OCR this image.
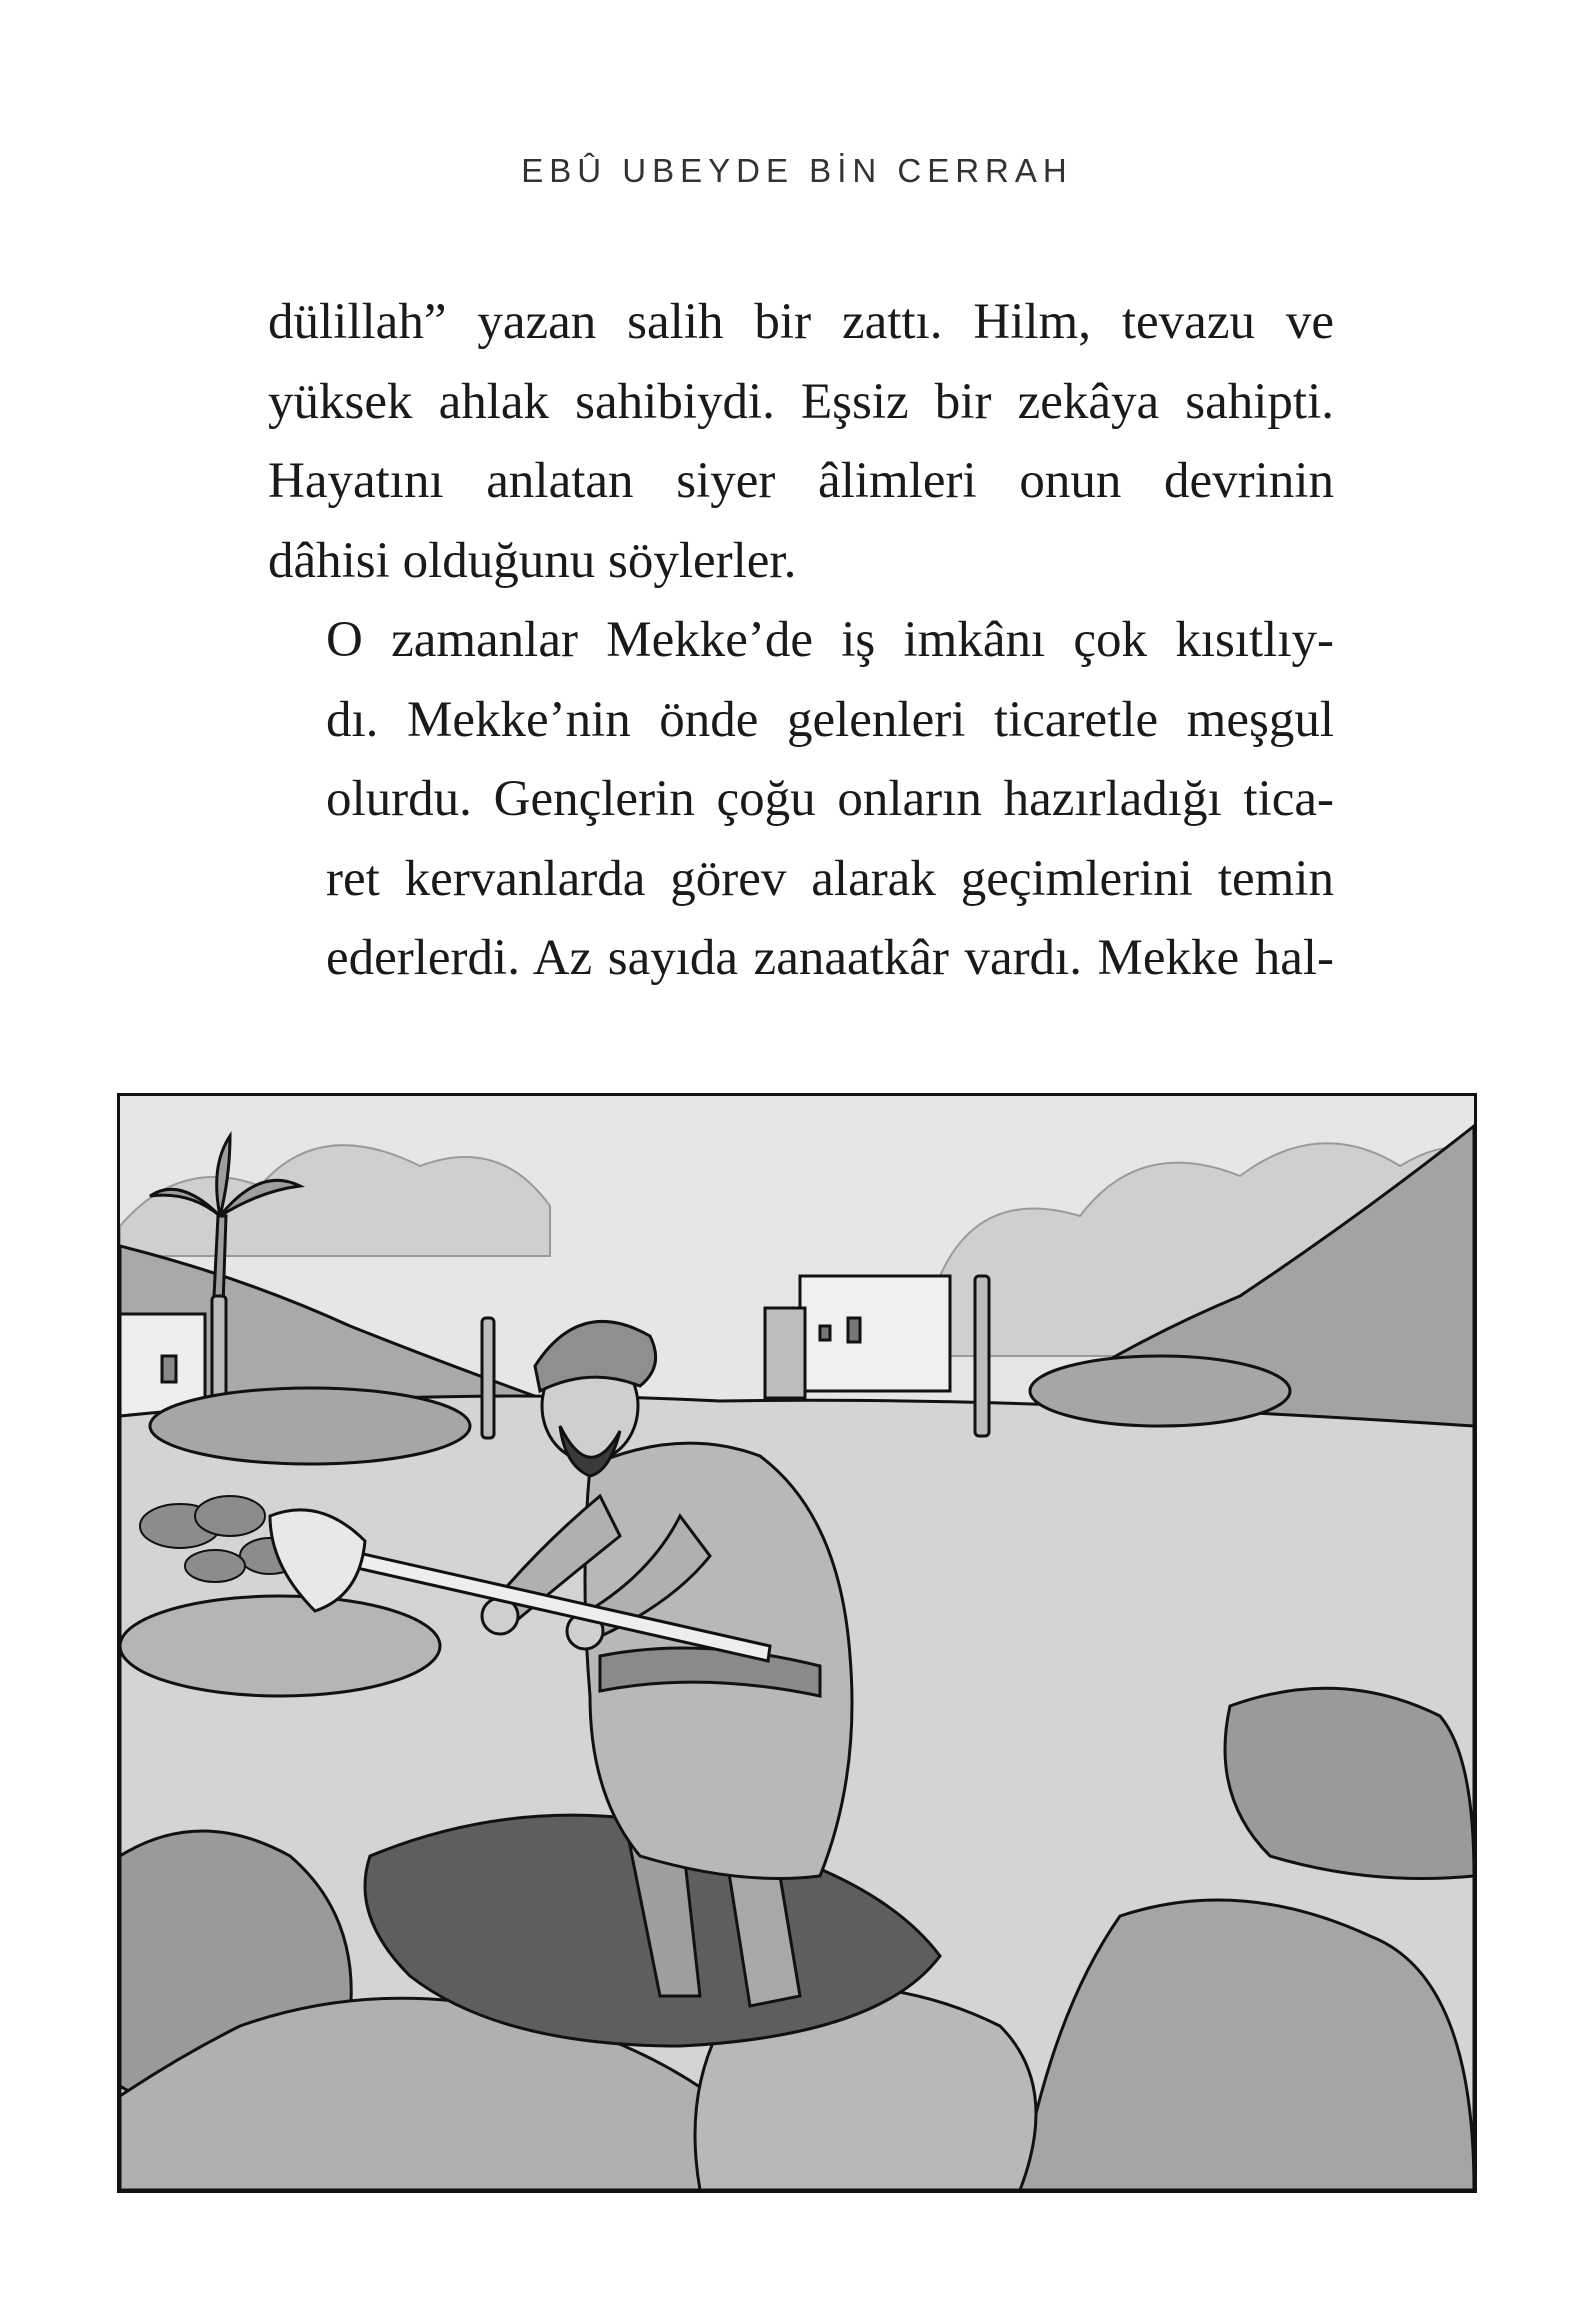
EBÛ UBEYDE BİN CERRAH

dülillah” yazan salih bir zattı. Hilm, tevazu ve
yüksek ahlak sahibiydi. Eşsiz bir zekâya sahipti.
Hayatını anlatan siyer âlimleri onun devrinin
dâhisi olduğunu söylerler.

O zamanlar Mekke’de iş imkânı çok kısıtlıy-
dı. Mekke’nin önde gelenleri ticaretle meşgul
olurdu. Gençlerin çoğu onların hazırladığı tica-
ret kervanlarda görev alarak geçimlerini temin
ederlerdi. Az sayıda zanaatkâr vardı. Mekke hal-
